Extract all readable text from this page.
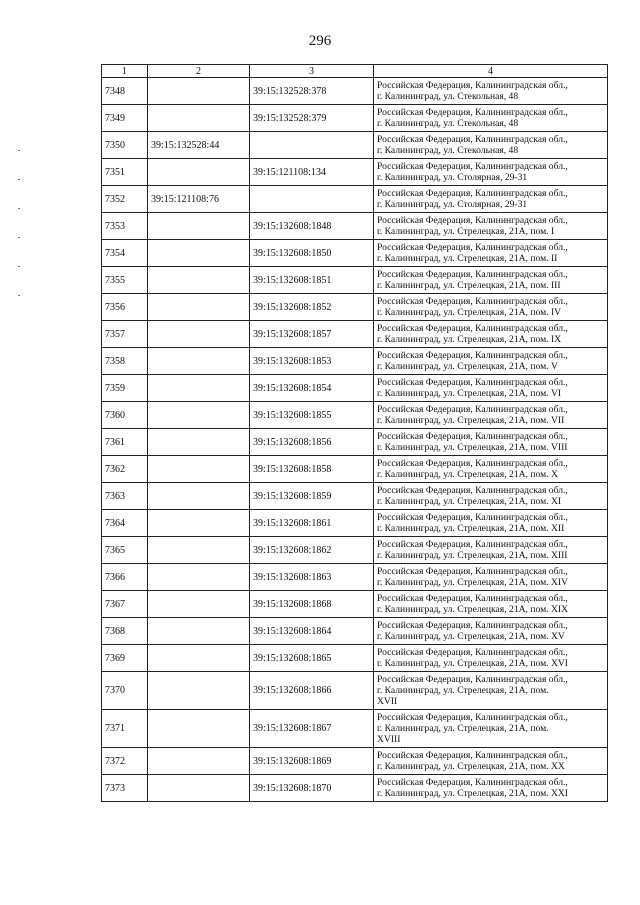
296
1	2	3	4
7348		39:15:132528:378	Российская Федерация, Калининградская обл.,
г. Калининград, ул. Стекольная, 48

7349		39:15:132528:379	Российская Федерация, Калининградская обл.,
г. Калининград, ул. Стекольная, 48

7350	39:15:132528:44		Российская Федерация, Калининградская обл.,
г. Калининград, ул. Стекольная, 48

7351		39:15:121108:134	Российская Федерация, Калининградская обл.,
г. Калининград, ул. Столярная, 29-31

7352	39:15:121108:76		Российская Федерация, Калининградская обл.,
г. Калининград, ул. Столярная, 29-31

7353		39:15:132608:1848	Российская Федерация, Калининградская обл.,
г. Калининград, ул. Стрелецкая, 21А, пом. I

7354		39:15:132608:1850	Российская Федерация, Калининградская обл.,
г. Калининград, ул. Стрелецкая, 21А, пом. II

7355		39:15:132608:1851	Российская Федерация, Калининградская обл.,
г. Калининград, ул. Стрелецкая, 21А, пом. III

7356		39:15:132608:1852	Российская Федерация, Калининградская обл.,
г. Калининград, ул. Стрелецкая, 21А, пом. IV

7357		39:15:132608:1857	Российская Федерация, Калининградская обл.,
г. Калининград, ул. Стрелецкая, 21А, пом. IX

7358		39:15:132608:1853	Российская Федерация, Калининградская обл.,
г. Калининград, ул. Стрелецкая, 21А, пом. V

7359		39:15:132608:1854	Российская Федерация, Калининградская обл.,
г. Калининград, ул. Стрелецкая, 21А, пом. VI

7360		39:15:132608:1855	Российская Федерация, Калининградская обл.,
г. Калининград, ул. Стрелецкая, 21А, пом. VII

7361		39:15:132608:1856	Российская Федерация, Калининградская обл.,
г. Калининград, ул. Стрелецкая, 21А, пом. VIII

7362		39:15:132608:1858	Российская Федерация, Калининградская обл.,
г. Калининград, ул. Стрелецкая, 21А, пом. X

7363		39:15:132608:1859	Российская Федерация, Калининградская обл.,
г. Калининград, ул. Стрелецкая, 21А, пом. XI

7364		39:15:132608:1861	Российская Федерация, Калининградская обл.,
г. Калининград, ул. Стрелецкая, 21А, пом. XII

7365		39:15:132608:1862	Российская Федерация, Калининградская обл.,
г. Калининград, ул. Стрелецкая, 21А, пом. XIII

7366		39:15:132608:1863	Российская Федерация, Калининградская обл.,
г. Калининград, ул. Стрелецкая, 21А, пом. XIV

7367		39:15:132608:1868	Российская Федерация, Калининградская обл.,
г. Калининград, ул. Стрелецкая, 21А, пом. XIX

7368		39:15:132608:1864	Российская Федерация, Калининградская обл.,
г. Калининград, ул. Стрелецкая, 21А, пом. XV

7369		39:15:132608:1865	Российская Федерация, Калининградская обл.,
г. Калининград, ул. Стрелецкая, 21А, пом. XVI

7370		39:15:132608:1866	Российская Федерация, Калининградская обл.,
г. Калининград, ул. Стрелецкая, 21А, пом.
XVII

7371		39:15:132608:1867	Российская Федерация, Калининградская обл.,
г. Калининград, ул. Стрелецкая, 21А, пом.
XVIII

7372		39:15:132608:1869	Российская Федерация, Калининградская обл.,
г. Калининград, ул. Стрелецкая, 21А, пом. XX

7373		39:15:132608:1870	Российская Федерация, Калининградская обл.,
г. Калининград, ул. Стрелецкая, 21А, пом. XXI
